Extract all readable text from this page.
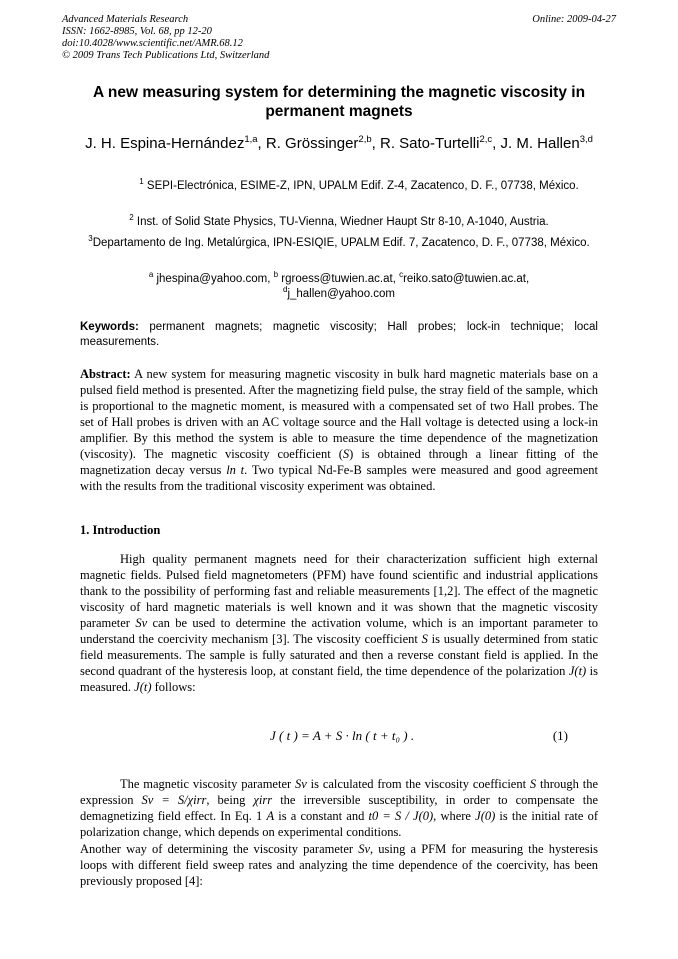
Advanced Materials Research
ISSN: 1662-8985, Vol. 68, pp 12-20
doi:10.4028/www.scientific.net/AMR.68.12
© 2009 Trans Tech Publications Ltd, Switzerland
Online: 2009-04-27
A new measuring system for determining the magnetic viscosity in permanent magnets
J. H. Espina-Hernández$^{1,a}$, R. Grössinger$^{2,b}$, R. Sato-Turtelli$^{2,c}$, J. M. Hallen$^{3,d}$
$^1$ SEPI-Electrónica, ESIME-Z, IPN, UPALM Edif. Z-4, Zacatenco, D. F., 07738, México.
$^2$ Inst. of Solid State Physics, TU-Vienna, Wiedner Haupt Str 8-10, A-1040, Austria.
$^3$Departamento de Ing. Metalúrgica, IPN-ESIQIE, UPALM Edif. 7, Zacatenco, D. F., 07738, México.
$^a$ jhespina@yahoo.com, $^b$ rgroess@tuwien.ac.at, $^c$reiko.sato@tuwien.ac.at, $^d$j_hallen@yahoo.com
Keywords: permanent magnets; magnetic viscosity; Hall probes; lock-in technique; local measurements.
Abstract: A new system for measuring magnetic viscosity in bulk hard magnetic materials base on a pulsed field method is presented. After the magnetizing field pulse, the stray field of the sample, which is proportional to the magnetic moment, is measured with a compensated set of two Hall probes. The set of Hall probes is driven with an AC voltage source and the Hall voltage is detected using a lock-in amplifier. By this method the system is able to measure the time dependence of the magnetization (viscosity). The magnetic viscosity coefficient (S) is obtained through a linear fitting of the magnetization decay versus ln t. Two typical Nd-Fe-B samples were measured and good agreement with the results from the traditional viscosity experiment was obtained.
1. Introduction
High quality permanent magnets need for their characterization sufficient high external magnetic fields. Pulsed field magnetometers (PFM) have found scientific and industrial applications thank to the possibility of performing fast and reliable measurements [1,2]. The effect of the magnetic viscosity of hard magnetic materials is well known and it was shown that the magnetic viscosity parameter Sv can be used to determine the activation volume, which is an important parameter to understand the coercivity mechanism [3]. The viscosity coefficient S is usually determined from static field measurements. The sample is fully saturated and then a reverse constant field is applied. In the second quadrant of the hysteresis loop, at constant field, the time dependence of the polarization J(t) is measured. J(t) follows:
J ( t ) = A + S · ln ( t + t₀ ) .	(1)
The magnetic viscosity parameter Sv is calculated from the viscosity coefficient S through the expression Sv = S/χirr, being χirr the irreversible susceptibility, in order to compensate the demagnetizing field effect. In Eq. 1 A is a constant and t0 = S / J(0), where J(0) is the initial rate of polarization change, which depends on experimental conditions.
Another way of determining the viscosity parameter Sv, using a PFM for measuring the hysteresis loops with different field sweep rates and analyzing the time dependence of the coercivity, has been previously proposed [4]:
